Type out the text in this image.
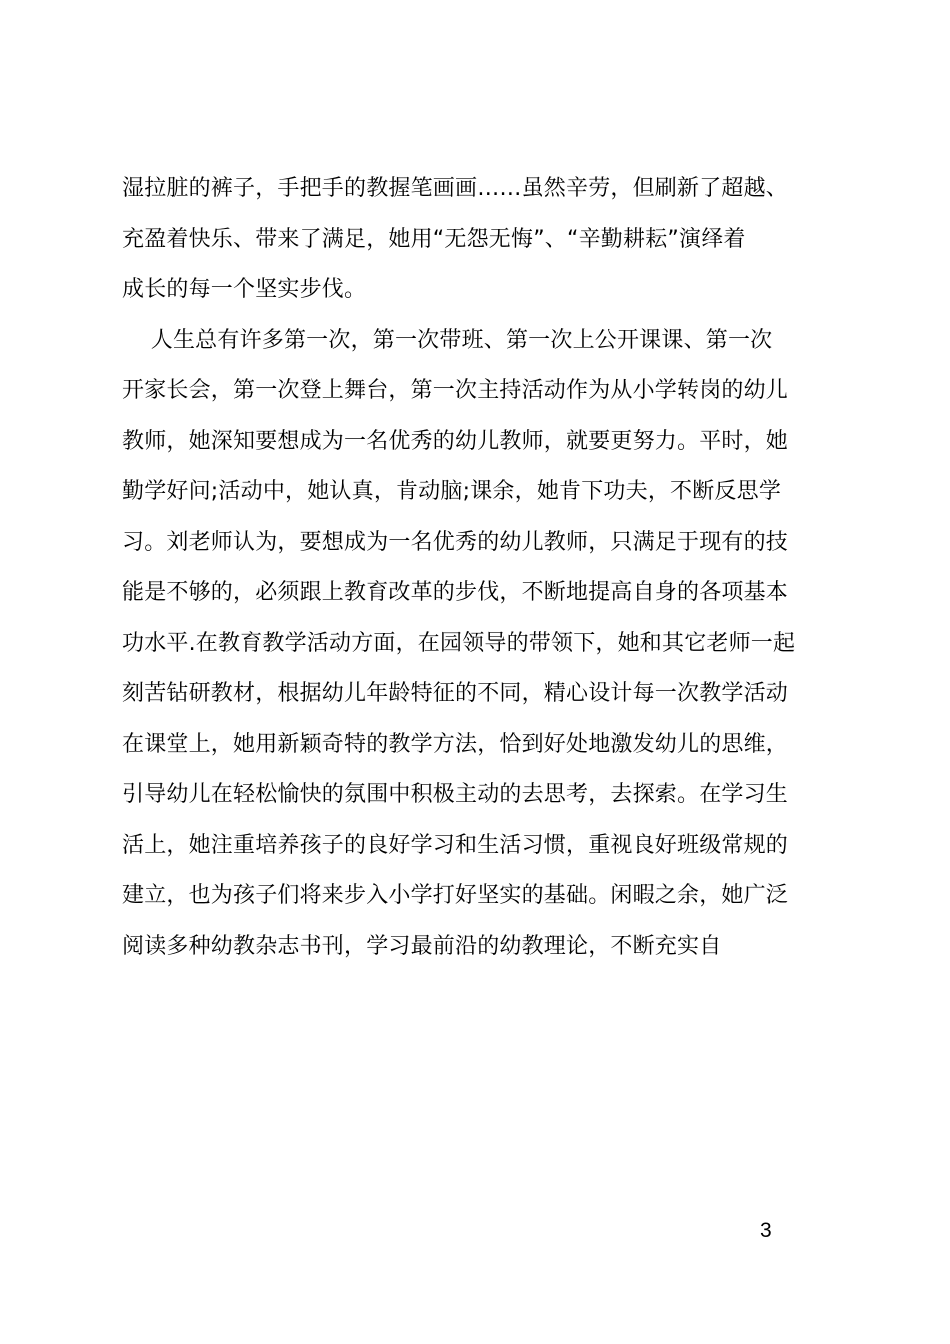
湿拉脏的裤子，手把手的教握笔画画……虽然辛劳，但刷新了超越、
充盈着快乐、带来了满足，她用“无怨无悔”、“辛勤耕耘”演绎着
成长的每一个坚实步伐。
人生总有许多第一次，第一次带班、第一次上公开课课、第一次
开家长会，第一次登上舞台，第一次主持活动作为从小学转岗的幼儿
教师，她深知要想成为一名优秀的幼儿教师，就要更努力。平时，她
勤学好问;活动中，她认真，肯动脑;课余，她肯下功夫，不断反思学
习。刘老师认为，要想成为一名优秀的幼儿教师，只满足于现有的技
能是不够的，必须跟上教育改革的步伐，不断地提高自身的各项基本
功水平.在教育教学活动方面，在园领导的带领下，她和其它老师一起
刻苦钻研教材，根据幼儿年龄特征的不同，精心设计每一次教学活动
在课堂上，她用新颖奇特的教学方法，恰到好处地激发幼儿的思维，
引导幼儿在轻松愉快的氛围中积极主动的去思考，去探索。在学习生
活上，她注重培养孩子的良好学习和生活习惯，重视良好班级常规的
建立，也为孩子们将来步入小学打好坚实的基础。闲暇之余，她广泛
阅读多种幼教杂志书刊，学习最前沿的幼教理论，不断充实自
3
